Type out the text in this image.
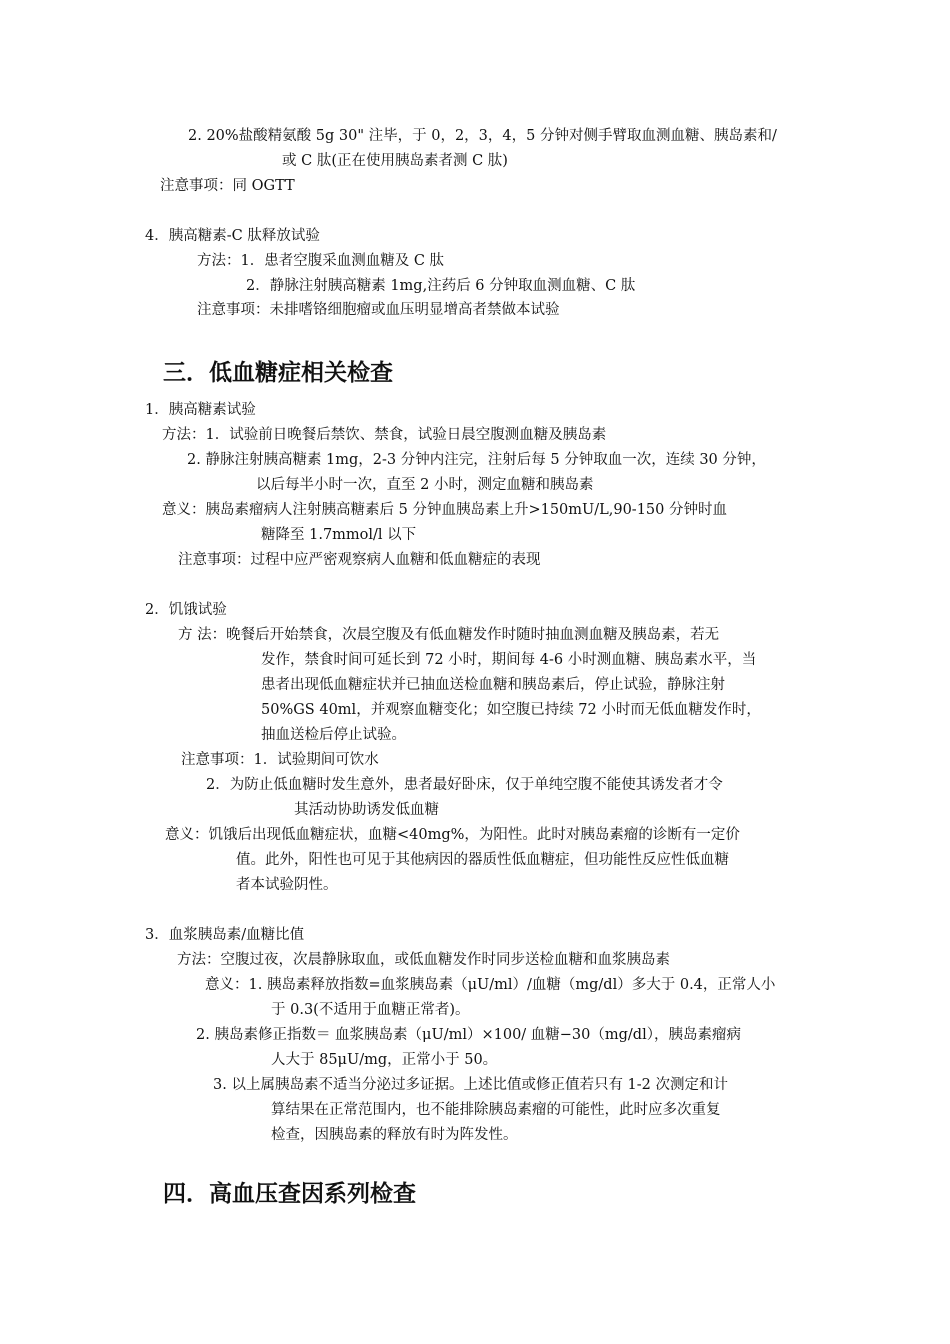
2. 20%盐酸精氨酸 5g 30" 注毕，于 0，2，3，4，5 分钟对侧手臂取血测血糖、胰岛素和/
或 C 肽(正在使用胰岛素者测 C 肽)
注意事项：同 OGTT
4．胰高糖素-C 肽释放试验
方法：1．患者空腹采血测血糖及 C 肽
2．静脉注射胰高糖素 1mg,注药后 6 分钟取血测血糖、C 肽
注意事项：未排嗜铬细胞瘤或血压明显增高者禁做本试验
三．低血糖症相关检查
1．胰高糖素试验
方法：1．试验前日晚餐后禁饮、禁食，试验日晨空腹测血糖及胰岛素
2. 静脉注射胰高糖素 1mg，2-3 分钟内注完，注射后每 5 分钟取血一次，连续 30 分钟，
以后每半小时一次，直至 2 小时，测定血糖和胰岛素
意义：胰岛素瘤病人注射胰高糖素后 5 分钟血胰岛素上升>150mU/L,90-150 分钟时血
糖降至 1.7mmol/l 以下
注意事项：过程中应严密观察病人血糖和低血糖症的表现
2．饥饿试验
方 法：晚餐后开始禁食，次晨空腹及有低血糖发作时随时抽血测血糖及胰岛素，若无
发作，禁食时间可延长到 72 小时，期间每 4-6 小时测血糖、胰岛素水平，当
患者出现低血糖症状并已抽血送检血糖和胰岛素后，停止试验，静脉注射
50%GS 40ml，并观察血糖变化；如空腹已持续 72 小时而无低血糖发作时，
抽血送检后停止试验。
注意事项：1．试验期间可饮水
2．为防止低血糖时发生意外，患者最好卧床，仅于单纯空腹不能使其诱发者才令
其活动协助诱发低血糖
意义：饥饿后出现低血糖症状，血糖<40mg%，为阳性。此时对胰岛素瘤的诊断有一定价
值。此外，阳性也可见于其他病因的器质性低血糖症，但功能性反应性低血糖
者本试验阴性。
3．血浆胰岛素/血糖比值
方法：空腹过夜，次晨静脉取血，或低血糖发作时同步送检血糖和血浆胰岛素
意义：1. 胰岛素释放指数=血浆胰岛素（μU/ml）/血糖（mg/dl）多大于 0.4，正常人小
于 0.3(不适用于血糖正常者)。
2. 胰岛素修正指数＝ 血浆胰岛素（μU/ml）×100/ 血糖−30（mg/dl），胰岛素瘤病
人大于 85μU/mg，正常小于 50。
3. 以上属胰岛素不适当分泌过多证据。上述比值或修正值若只有 1-2 次测定和计
算结果在正常范围内，也不能排除胰岛素瘤的可能性，此时应多次重复
检查，因胰岛素的释放有时为阵发性。
四．高血压查因系列检查
